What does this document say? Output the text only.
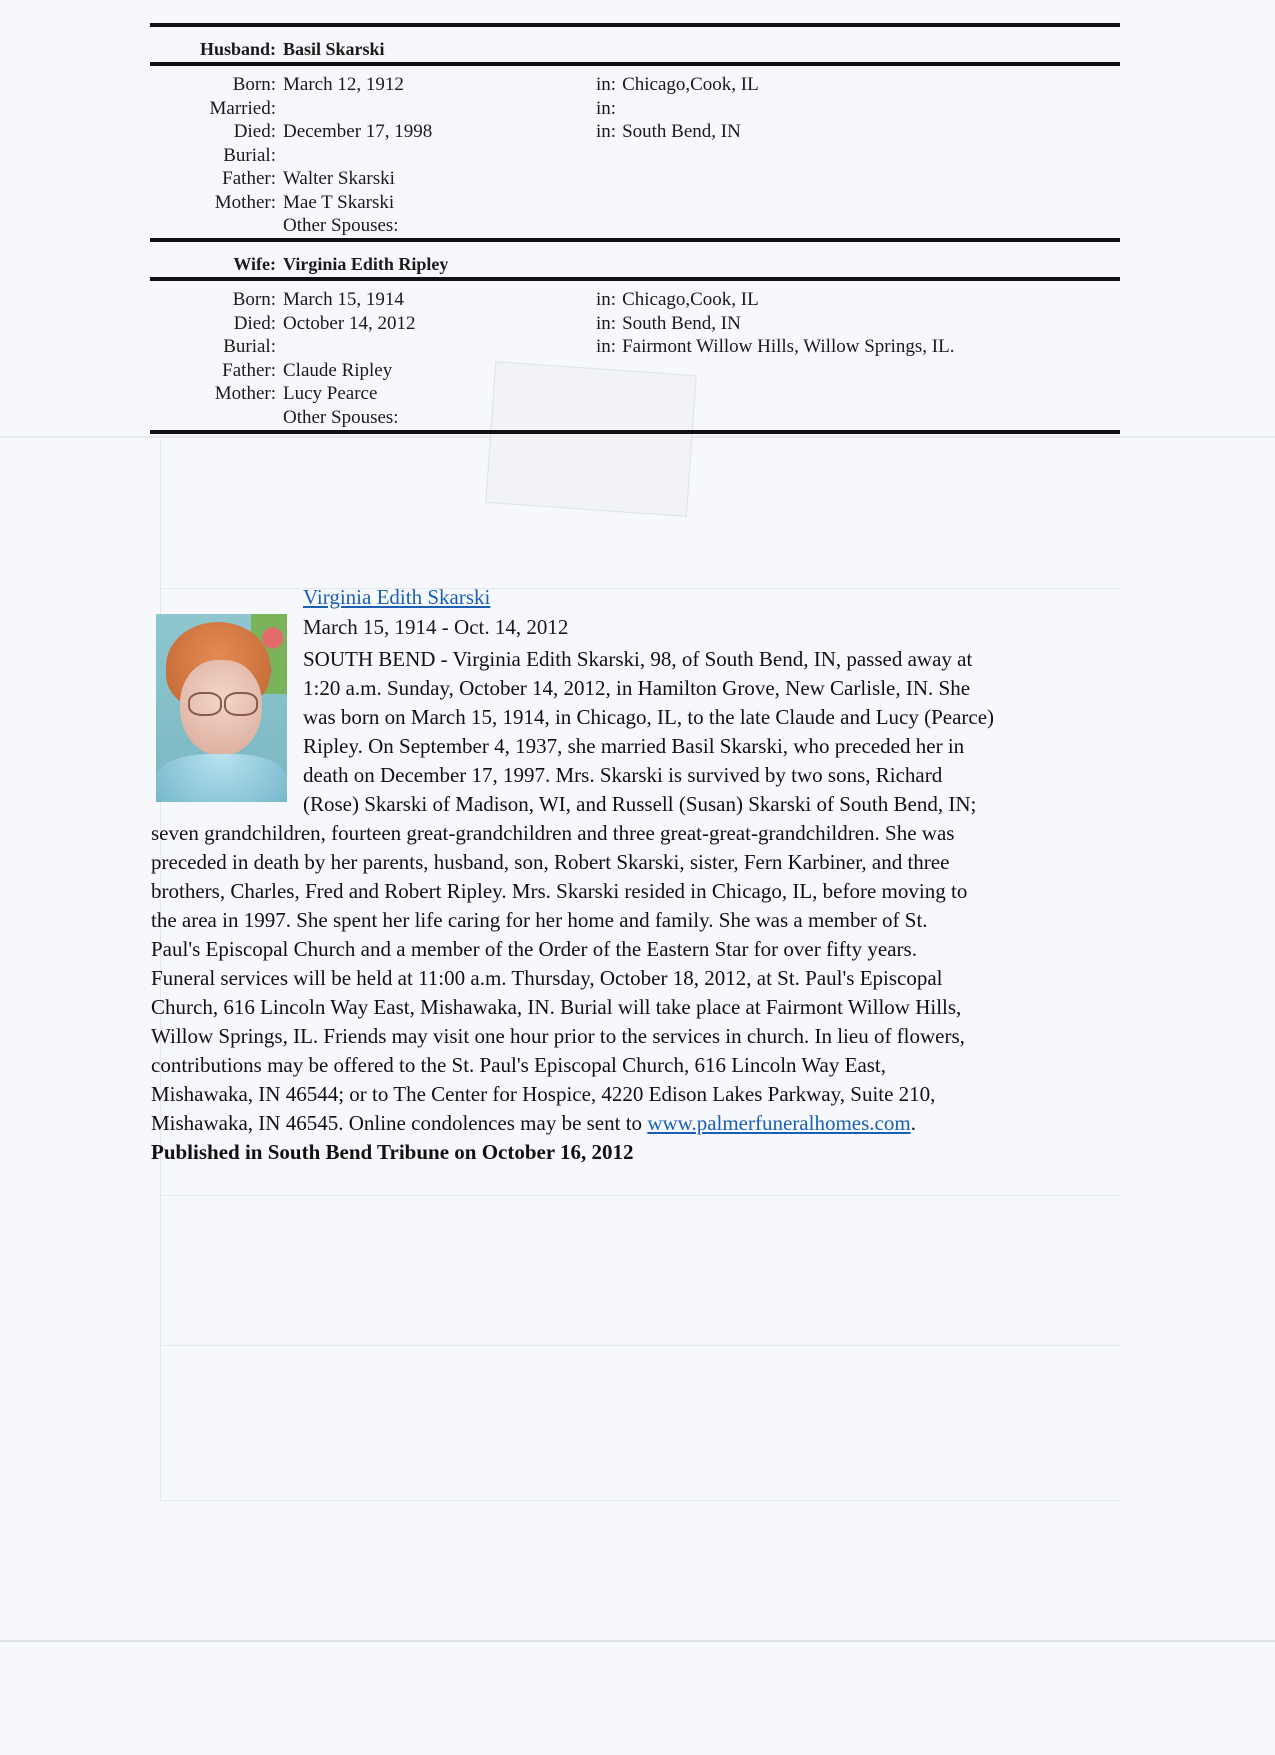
Husband: Basil Skarski
Born: March 12, 1912	in: Chicago,Cook, IL
Married:	in:
Died: December 17, 1998	in: South Bend, IN
Burial:
Father: Walter Skarski
Mother: Mae T Skarski
Other Spouses:
Wife: Virginia Edith Ripley
Born: March 15, 1914	in: Chicago,Cook, IL
Died: October 14, 2012	in: South Bend, IN
Burial:	in: Fairmont Willow Hills, Willow Springs, IL.
Father: Claude Ripley
Mother: Lucy Pearce
Other Spouses:
Virginia Edith Skarski
March 15, 1914 - Oct. 14, 2012
SOUTH BEND - Virginia Edith Skarski, 98, of South Bend, IN, passed away at
1:20 a.m. Sunday, October 14, 2012, in Hamilton Grove, New Carlisle, IN. She
was born on March 15, 1914, in Chicago, IL, to the late Claude and Lucy (Pearce)
Ripley. On September 4, 1937, she married Basil Skarski, who preceded her in
death on December 17, 1997. Mrs. Skarski is survived by two sons, Richard
(Rose) Skarski of Madison, WI, and Russell (Susan) Skarski of South Bend, IN;
seven grandchildren, fourteen great-grandchildren and three great-great-grandchildren. She was
preceded in death by her parents, husband, son, Robert Skarski, sister, Fern Karbiner, and three
brothers, Charles, Fred and Robert Ripley. Mrs. Skarski resided in Chicago, IL, before moving to
the area in 1997. She spent her life caring for her home and family. She was a member of St.
Paul's Episcopal Church and a member of the Order of the Eastern Star for over fifty years.
Funeral services will be held at 11:00 a.m. Thursday, October 18, 2012, at St. Paul's Episcopal
Church, 616 Lincoln Way East, Mishawaka, IN. Burial will take place at Fairmont Willow Hills,
Willow Springs, IL. Friends may visit one hour prior to the services in church. In lieu of flowers,
contributions may be offered to the St. Paul's Episcopal Church, 616 Lincoln Way East,
Mishawaka, IN 46544; or to The Center for Hospice, 4220 Edison Lakes Parkway, Suite 210,
Mishawaka, IN 46545. Online condolences may be sent to www.palmerfuneralhomes.com.
Published in South Bend Tribune on October 16, 2012
